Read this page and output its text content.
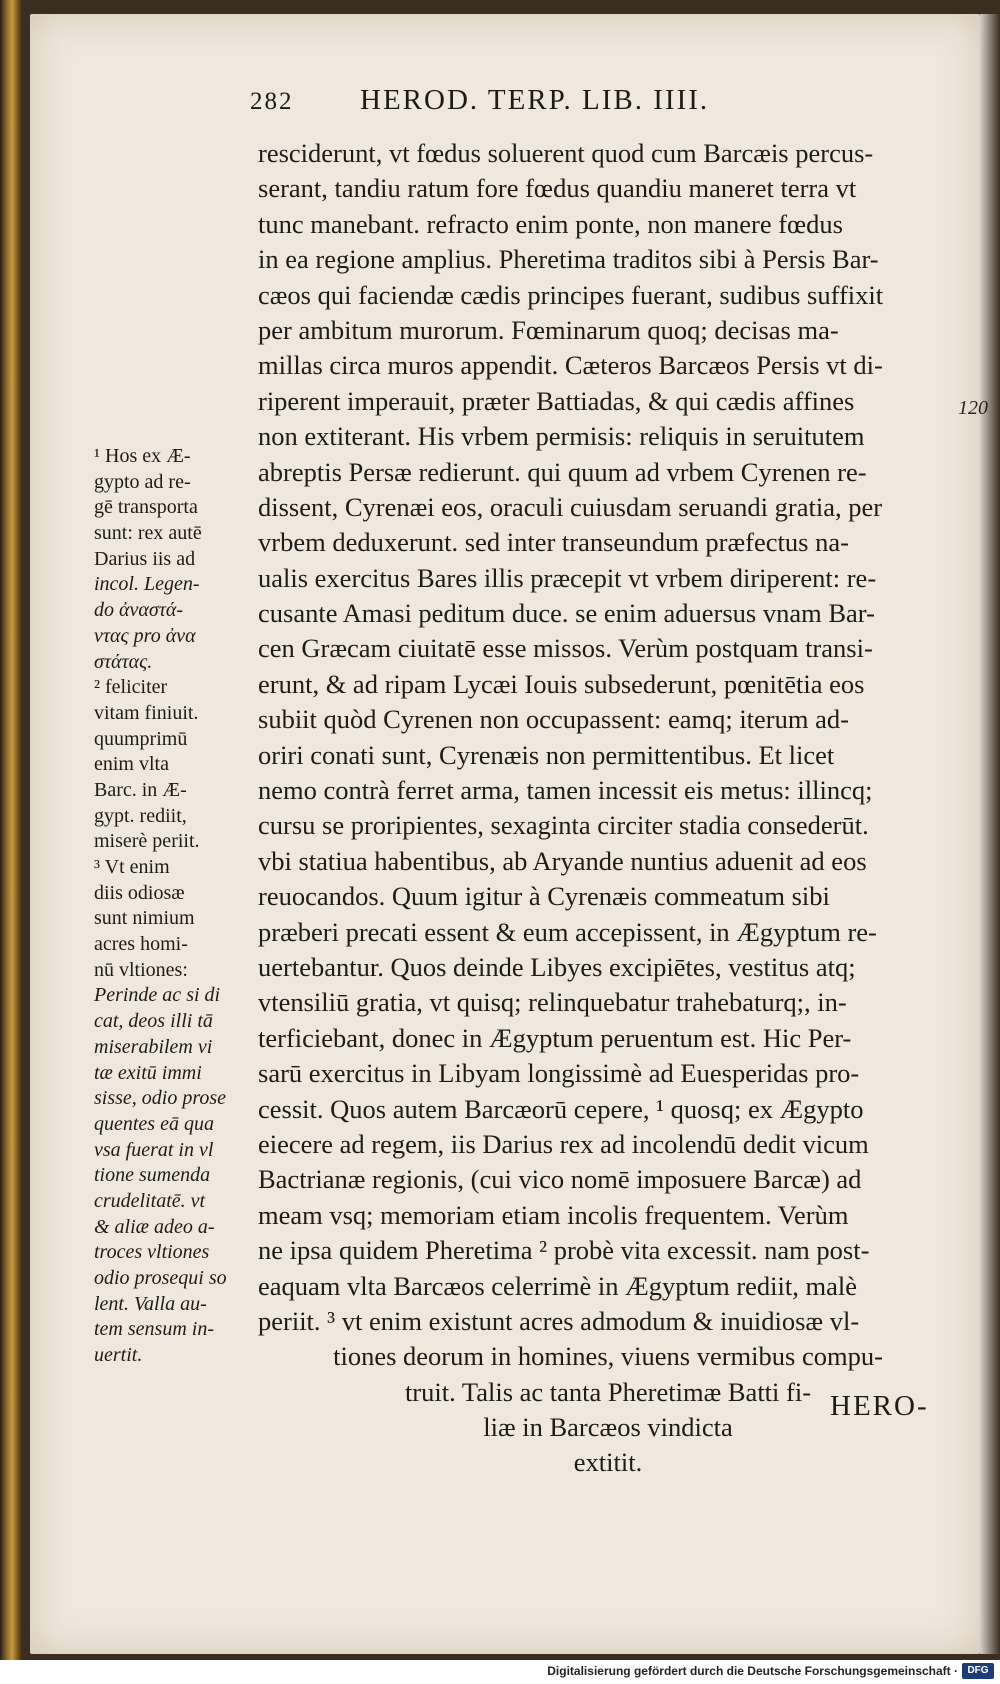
282 HEROD. TERP. LIB. IIII.
120
resciderunt, vt fœdus soluerent quod cum Barcæis percus-
serant, tandiu ratum fore fœdus quandiu maneret terra vt
tunc manebant. refracto enim ponte, non manere fœdus
in ea regione amplius. Pheretima traditos sibi à Persis Bar-
cæos qui faciendæ cædis principes fuerant, sudibus suffixit
per ambitum murorum. Fœminarum quoq; decisas ma-
millas circa muros appendit. Cæteros Barcæos Persis vt di-
riperent imperauit, præter Battiadas, & qui cædis affines
non extiterant. His vrbem permisis: reliquis in seruitutem
abreptis Persæ redierunt. qui quum ad vrbem Cyrenen re-
dissent, Cyrenæi eos, oraculi cuiusdam seruandi gratia, per
vrbem deduxerunt. sed inter transeundum præfectus na-
ualis exercitus Bares illis præcepit vt vrbem diriperent: re-
cusante Amasi peditum duce. se enim aduersus vnam Bar-
cen Græcam ciuitatē esse missos. Verùm postquam transi-
erunt, & ad ripam Lycæi Iouis subsederunt, pœnitētia eos
subiit quòd Cyrenen non occupassent: eamq; iterum ad-
oriri conati sunt, Cyrenæis non permittentibus. Et licet
nemo contrà ferret arma, tamen incessit eis metus: illincq;
cursu se proripientes, sexaginta circiter stadia consederūt.
vbi statiua habentibus, ab Aryande nuntius aduenit ad eos
reuocandos. Quum igitur à Cyrenæis commeatum sibi
præberi precati essent & eum accepissent, in Ægyptum re-
uertebantur. Quos deinde Libyes excipiētes, vestitus atq;
vtensiliū gratia, vt quisq; relinquebatur trahebaturq;, in-
terficiebant, donec in Ægyptum peruentum est. Hic Per-
sarū exercitus in Libyam longissimè ad Euesperidas pro-
cessit. Quos autem Barcæorū cepere, ¹ quosq; ex Ægypto
eiecere ad regem, iis Darius rex ad incolendū dedit vicum
Bactrianæ regionis, (cui vico nomē imposuere Barcæ) ad
meam vsq; memoriam etiam incolis frequentem. Verùm
ne ipsa quidem Pheretima ² probè vita excessit. nam post-
eaquam vlta Barcæos celerrimè in Ægyptum rediit, malè
periit. ³ vt enim existunt acres admodum & inuidiosæ vl-
tiones deorum in homines, viuens vermibus compu-
truit. Talis ac tanta Pheretimæ Batti fi-
liæ in Barcæos vindicta
extitit.
¹ Hos ex Æ-
gypto ad re-
gē transporta
sunt: rex autē
Darius iis ad
incol. Legen-
do ἀναστά-
ντας pro ἀνα
στάτας.
² feliciter
vitam finiuit.
quumprimū
enim vlta
Barc. in Æ-
gypt. rediit,
miserè periit.
³ Vt enim
diis odiosæ
sunt nimium
acres homi-
nū vltiones:
Perinde ac si di
cat, deos illi tā
miserabilem vi
tæ exitū immi
sisse, odio prose
quentes eā qua
vsa fuerat in vl
tione sumenda
crudelitatē. vt
& aliæ adeo a-
troces vltiones
odio prosequi so
lent. Valla au-
tem sensum in-
uertit.
HERO-
Digitalisierung gefördert durch die Deutsche Forschungsgemeinschaft · DFG
